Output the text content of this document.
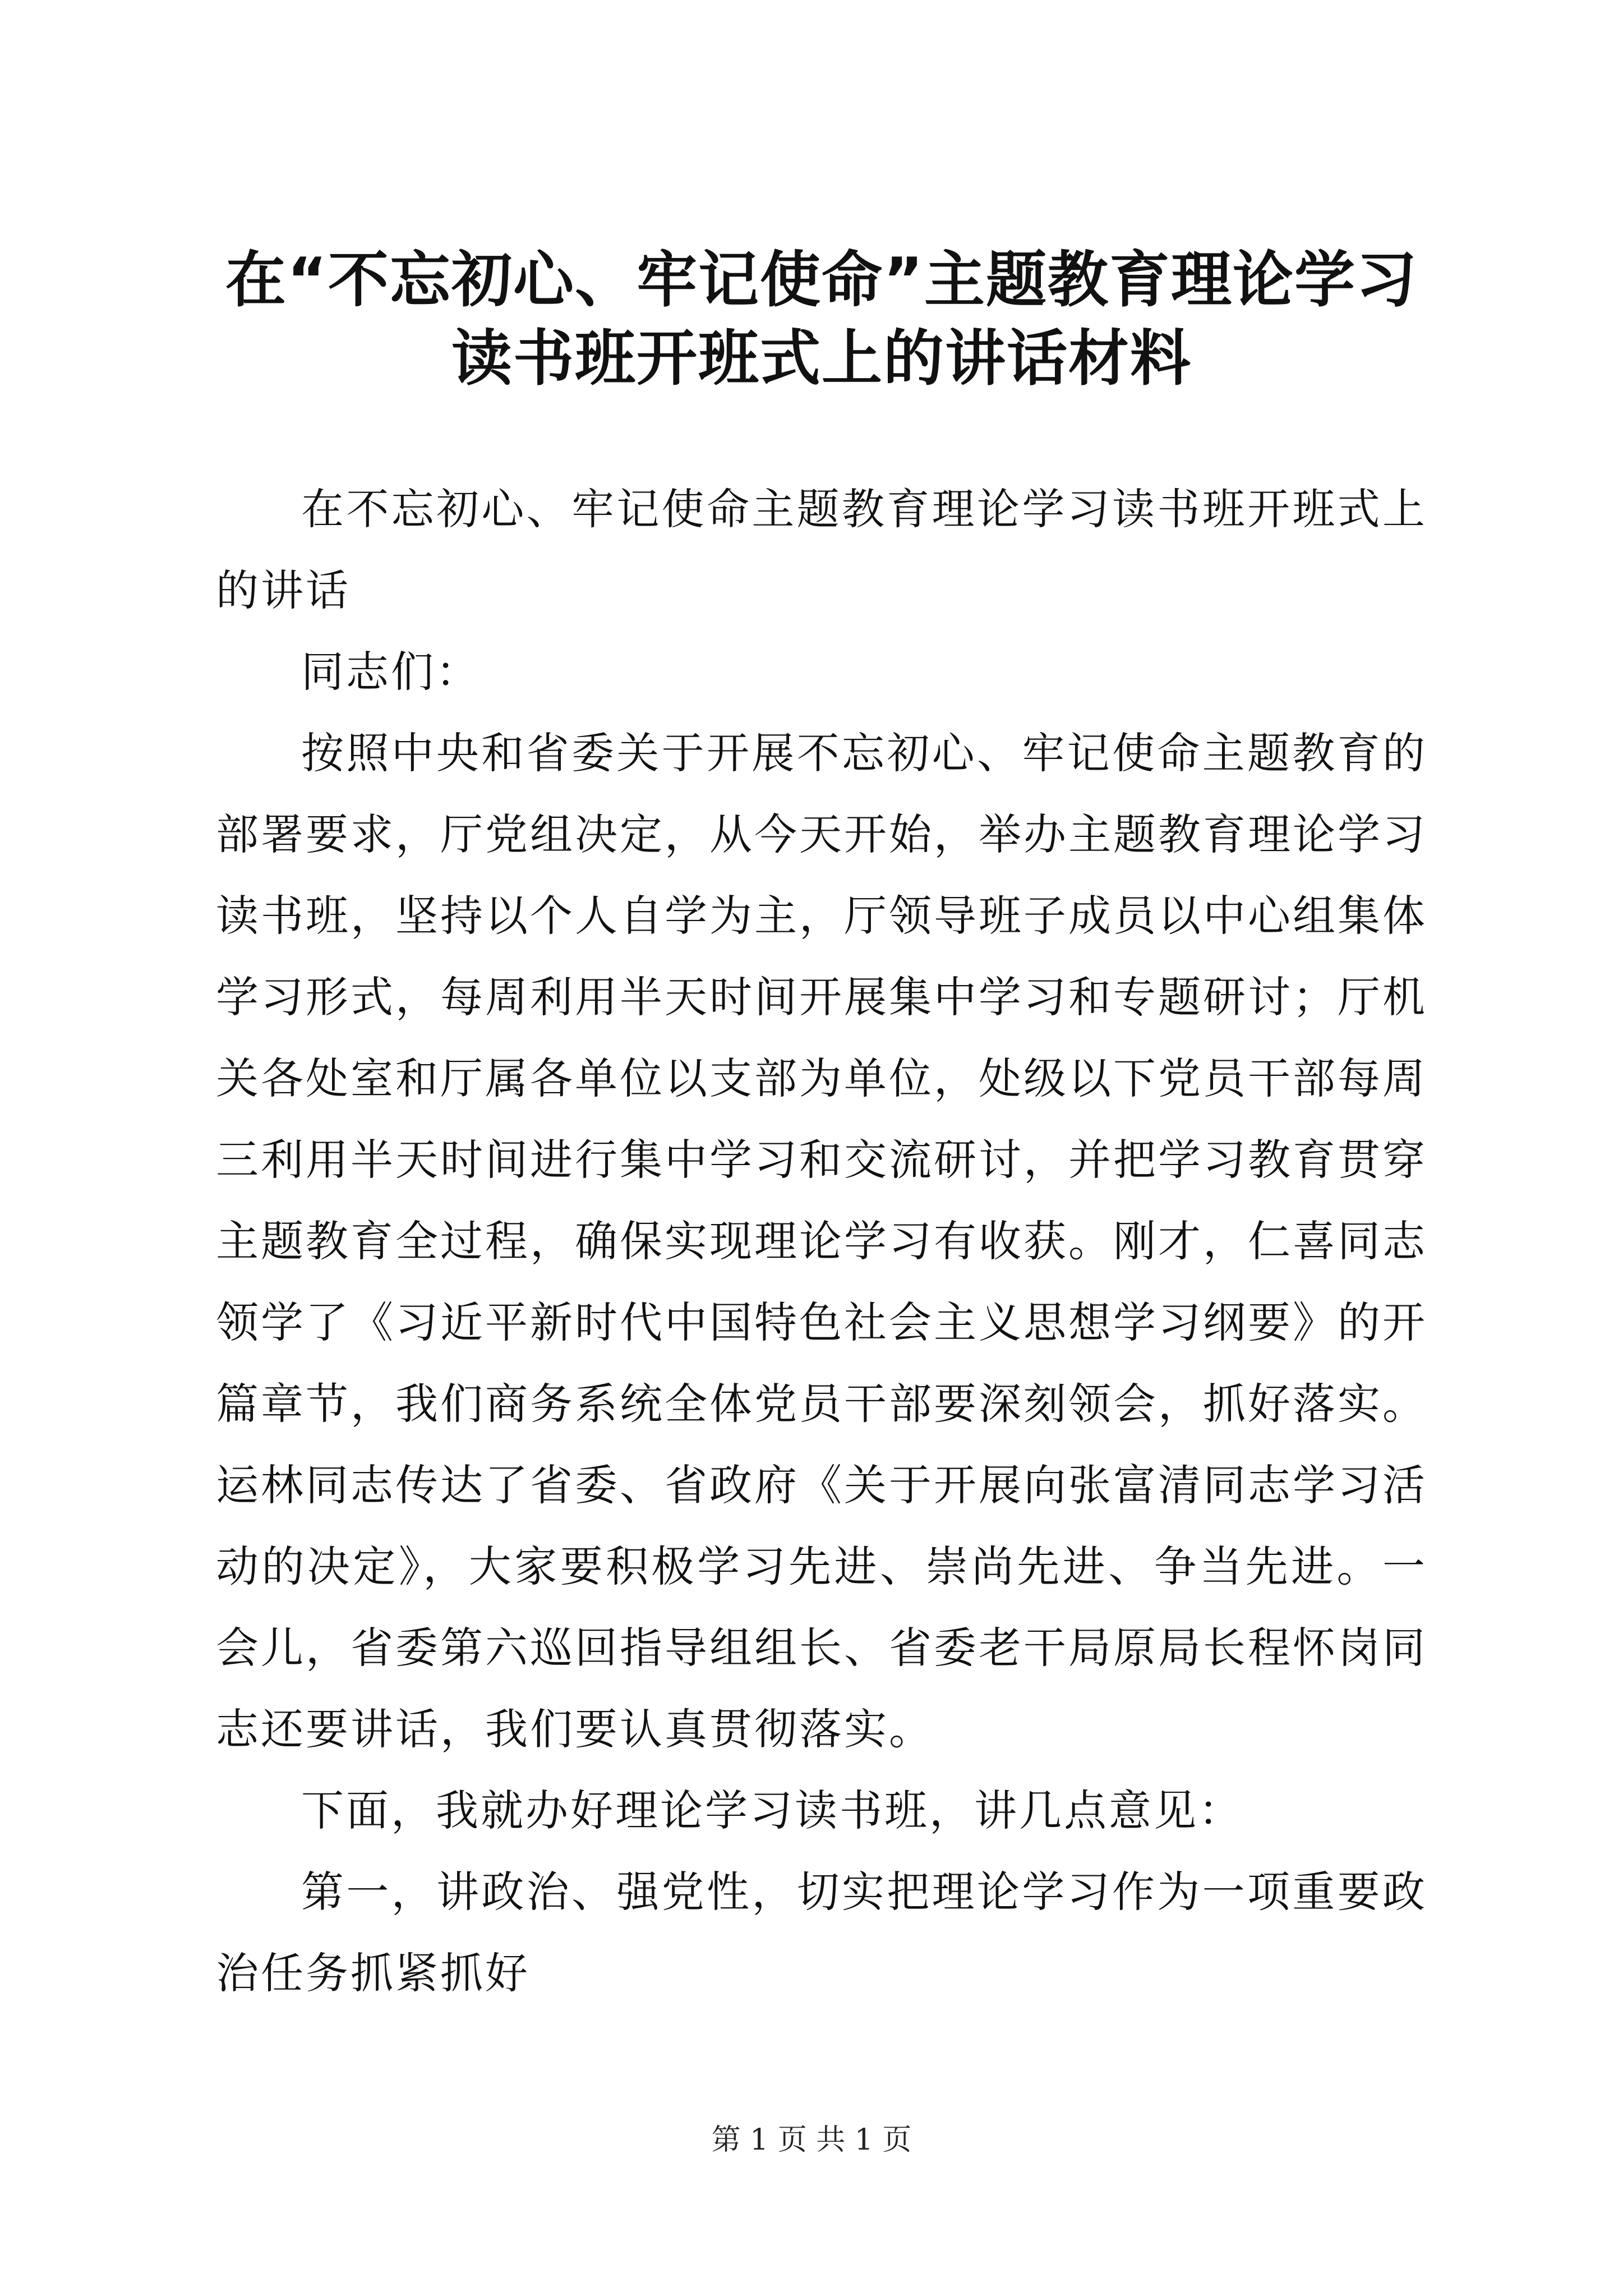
在“不忘初心、牢记使命”主题教育理论学习读书班开班式上的讲话材料

在不忘初心、牢记使命主题教育理论学习读书班开班式上的讲话

同志们：

按照中央和省委关于开展不忘初心、牢记使命主题教育的部署要求，厅党组决定，从今天开始，举办主题教育理论学习读书班，坚持以个人自学为主，厅领导班子成员以中心组集体学习形式，每周利用半天时间开展集中学习和专题研讨；厅机关各处室和厅属各单位以支部为单位，处级以下党员干部每周三利用半天时间进行集中学习和交流研讨，并把学习教育贯穿主题教育全过程，确保实现理论学习有收获。刚才，仁喜同志领学了《习近平新时代中国特色社会主义思想学习纲要》的开篇章节，我们商务系统全体党员干部要深刻领会，抓好落实。运林同志传达了省委、省政府《关于开展向张富清同志学习活动的决定》，大家要积极学习先进、崇尚先进、争当先进。一会儿，省委第六巡回指导组组长、省委老干局原局长程怀岗同志还要讲话，我们要认真贯彻落实。

下面，我就办好理论学习读书班，讲几点意见：

第一，讲政治、强党性，切实把理论学习作为一项重要政治任务抓紧抓好

第 1 页 共 1 页
